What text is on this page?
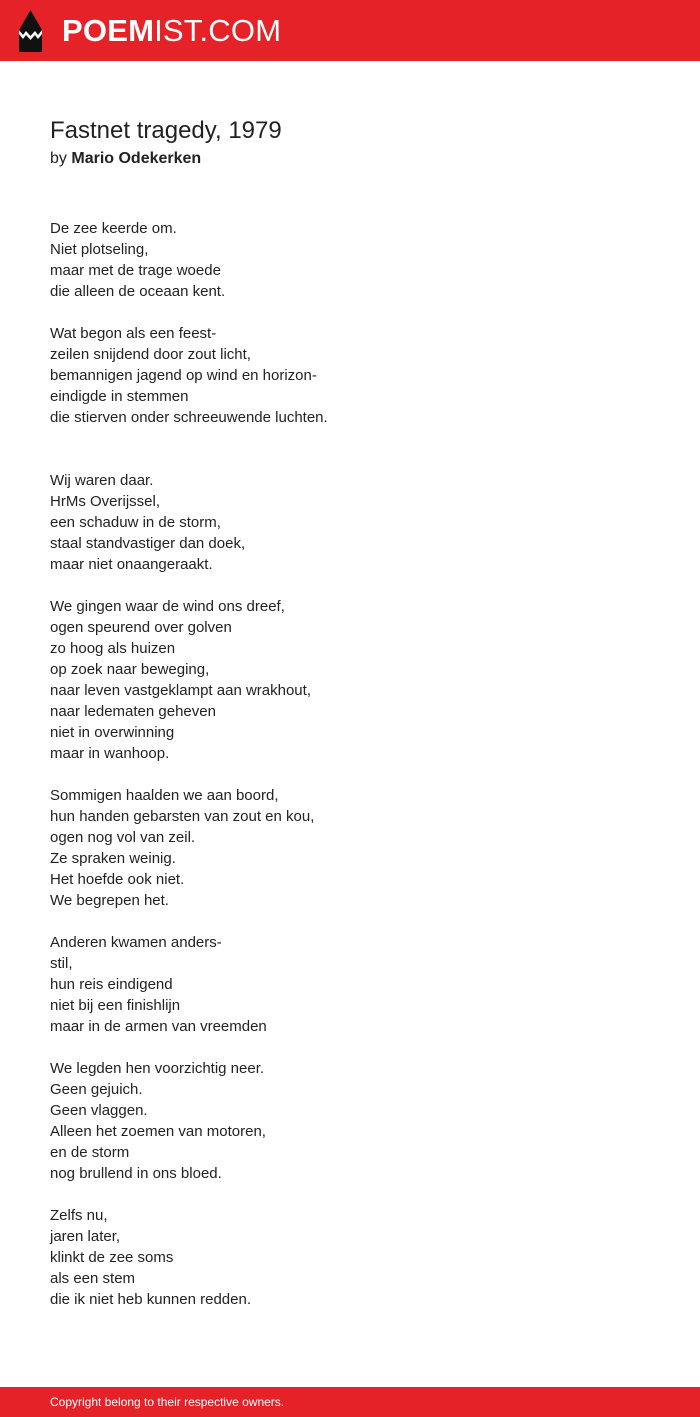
POEMIST.COM
Fastnet tragedy, 1979
by Mario Odekerken

De zee keerde om.
Niet plotseling,
maar met de trage woede
die alleen de oceaan kent.

Wat begon als een feest-
zeilen snijdend door zout licht,
bemannigen jagend op wind en horizon-
eindigde in stemmen
die stierven onder schreeuwende luchten.

Wij waren daar.
HrMs Overijssel,
een schaduw in de storm,
staal standvastiger dan doek,
maar niet onaangeraakt.

We gingen waar de wind ons dreef,
ogen speurend over golven
zo hoog als huizen
op zoek naar beweging,
naar leven vastgeklampt aan wrakhout,
naar ledematen geheven
niet in overwinning
maar in wanhoop.

Sommigen haalden we aan boord,
hun handen gebarsten van zout en kou,
ogen nog vol van zeil.
Ze spraken weinig.
Het hoefde ook niet.
We begrepen het.

Anderen kwamen anders-
stil,
hun reis eindigend
niet bij een finishlijn
maar in de armen van vreemden

We legden hen voorzichtig neer.
Geen gejuich.
Geen vlaggen.
Alleen het zoemen van motoren,
en de storm
nog brullend in ons bloed.

Zelfs nu,
jaren later,
klinkt de zee soms
als een stem
die ik niet heb kunnen redden.

Copyright belong to their respective owners.
